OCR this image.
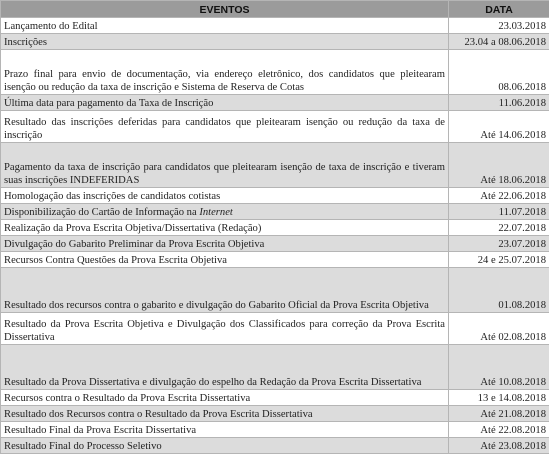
EVENTOS	DATA
Lançamento do Edital	23.03.2018
Inscrições	23.04 a 08.06.2018
Prazo final para envio de documentação, via endereço eletrônico, dos candidatos que pleitearam isenção ou redução da taxa de inscrição e Sistema de Reserva de Cotas	08.06.2018
Última data para pagamento da Taxa de Inscrição	11.06.2018
Resultado das inscrições deferidas para candidatos que pleitearam isenção ou redução da taxa de inscrição	Até 14.06.2018
Pagamento da taxa de inscrição para candidatos que pleitearam isenção de taxa de inscrição e tiveram suas inscrições INDEFERIDAS	Até 18.06.2018
Homologação das inscrições de candidatos cotistas	Até 22.06.2018
Disponibilização do Cartão de Informação na Internet	11.07.2018
Realização da Prova Escrita Objetiva/Dissertativa (Redação)	22.07.2018
Divulgação do Gabarito Preliminar da Prova Escrita Objetiva	23.07.2018
Recursos Contra Questões da Prova Escrita Objetiva	24 e 25.07.2018
Resultado dos recursos contra o gabarito e divulgação do Gabarito Oficial da Prova Escrita Objetiva	01.08.2018
Resultado da Prova Escrita Objetiva e Divulgação dos Classificados para correção da Prova Escrita Dissertativa	Até 02.08.2018
Resultado da Prova Dissertativa e divulgação do espelho da Redação da Prova Escrita Dissertativa	Até 10.08.2018
Recursos contra o Resultado da Prova Escrita Dissertativa	13 e 14.08.2018
Resultado dos Recursos contra o Resultado da Prova Escrita Dissertativa	Até 21.08.2018
Resultado Final da Prova Escrita Dissertativa	Até 22.08.2018
Resultado Final do Processo Seletivo	Até 23.08.2018
